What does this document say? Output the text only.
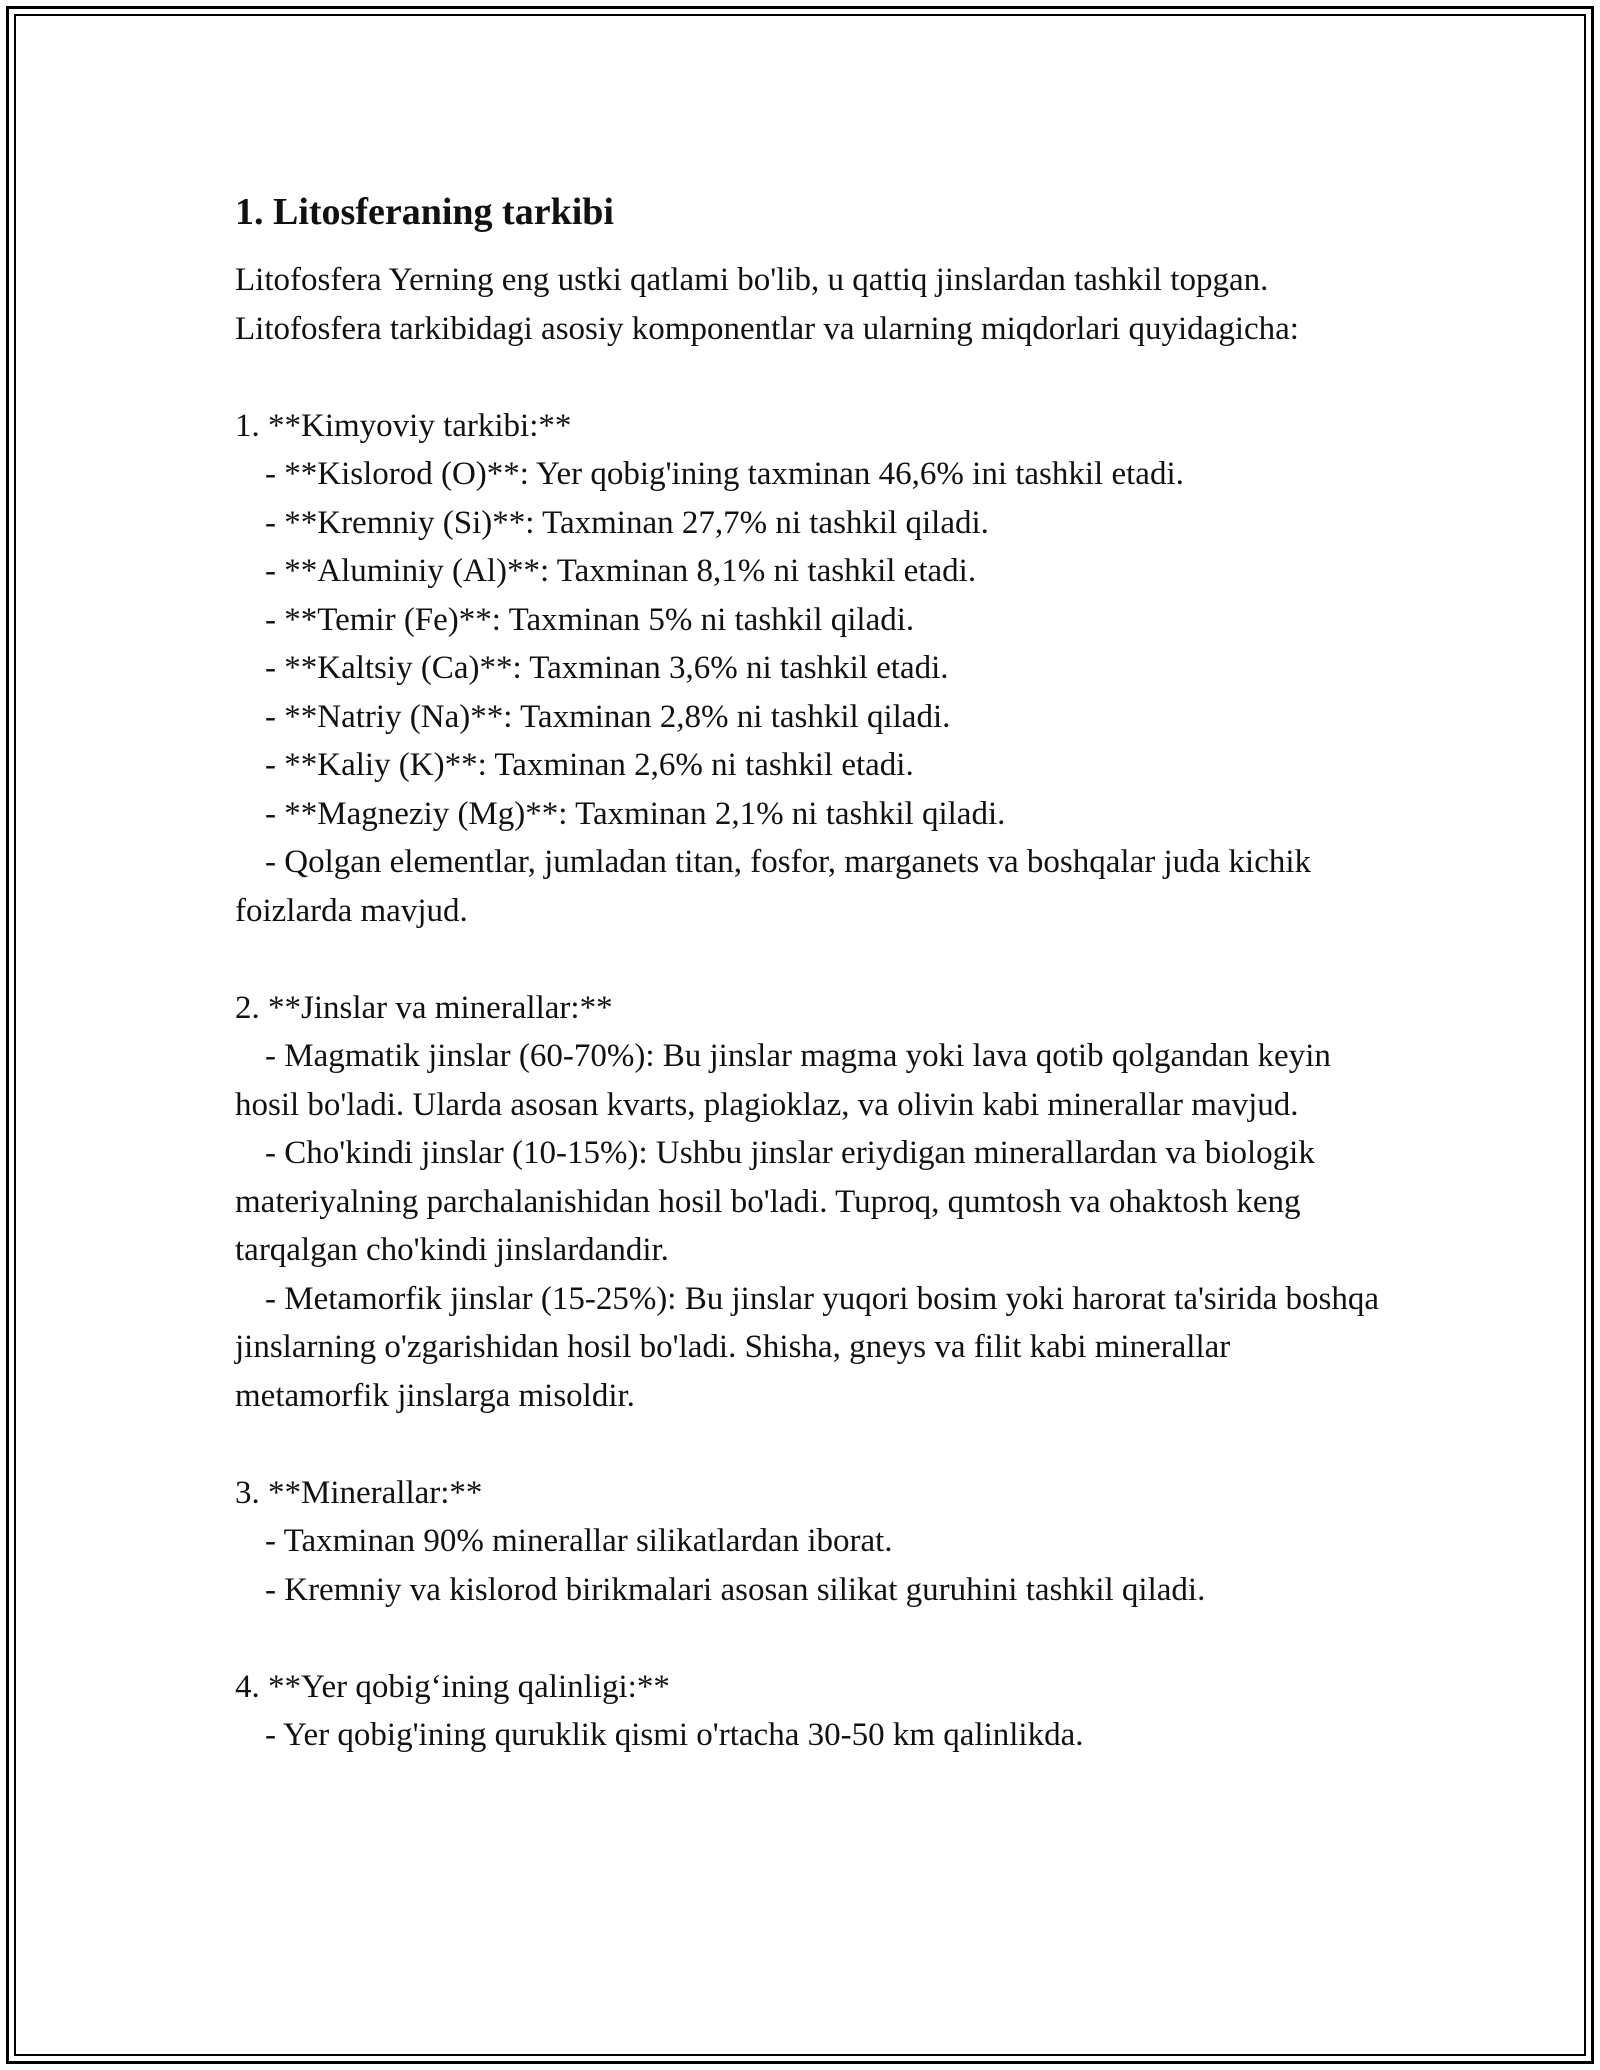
1. Litosferaning tarkibi

Litofosfera Yerning eng ustki qatlami bo'lib, u qattiq jinslardan tashkil topgan. Litofosfera tarkibidagi asosiy komponentlar va ularning miqdorlari quyidagicha:

1. **Kimyoviy tarkibi:**

- **Kislorod (O)**: Yer qobig'ining taxminan 46,6% ini tashkil etadi.

- **Kremniy (Si)**: Taxminan 27,7% ni tashkil qiladi.

- **Aluminiy (Al)**: Taxminan 8,1% ni tashkil etadi.

- **Temir (Fe)**: Taxminan 5% ni tashkil qiladi.

- **Kaltsiy (Ca)**: Taxminan 3,6% ni tashkil etadi.

- **Natriy (Na)**: Taxminan 2,8% ni tashkil qiladi.

- **Kaliy (K)**: Taxminan 2,6% ni tashkil etadi.

- **Magneziy (Mg)**: Taxminan 2,1% ni tashkil qiladi.

- Qolgan elementlar, jumladan titan, fosfor, marganets va boshqalar juda kichik foizlarda mavjud.

2. **Jinslar va minerallar:**

- Magmatik jinslar (60-70%): Bu jinslar magma yoki lava qotib qolgandan keyin hosil bo'ladi. Ularda asosan kvarts, plagioklaz, va olivin kabi minerallar mavjud.

- Cho'kindi jinslar (10-15%): Ushbu jinslar eriydigan minerallardan va biologik materiyalning parchalanishidan hosil bo'ladi. Tuproq, qumtosh va ohaktosh keng tarqalgan cho'kindi jinslardandir.

- Metamorfik jinslar (15-25%): Bu jinslar yuqori bosim yoki harorat ta'sirida boshqa jinslarning o'zgarishidan hosil bo'ladi. Shisha, gneys va filit kabi minerallar metamorfik jinslarga misoldir.

3. **Minerallar:**

- Taxminan 90% minerallar silikatlardan iborat.

- Kremniy va kislorod birikmalari asosan silikat guruhini tashkil qiladi.

4. **Yer qobig‘ining qalinligi:**

- Yer qobig'ining quruklik qismi o'rtacha 30-50 km qalinlikda.
